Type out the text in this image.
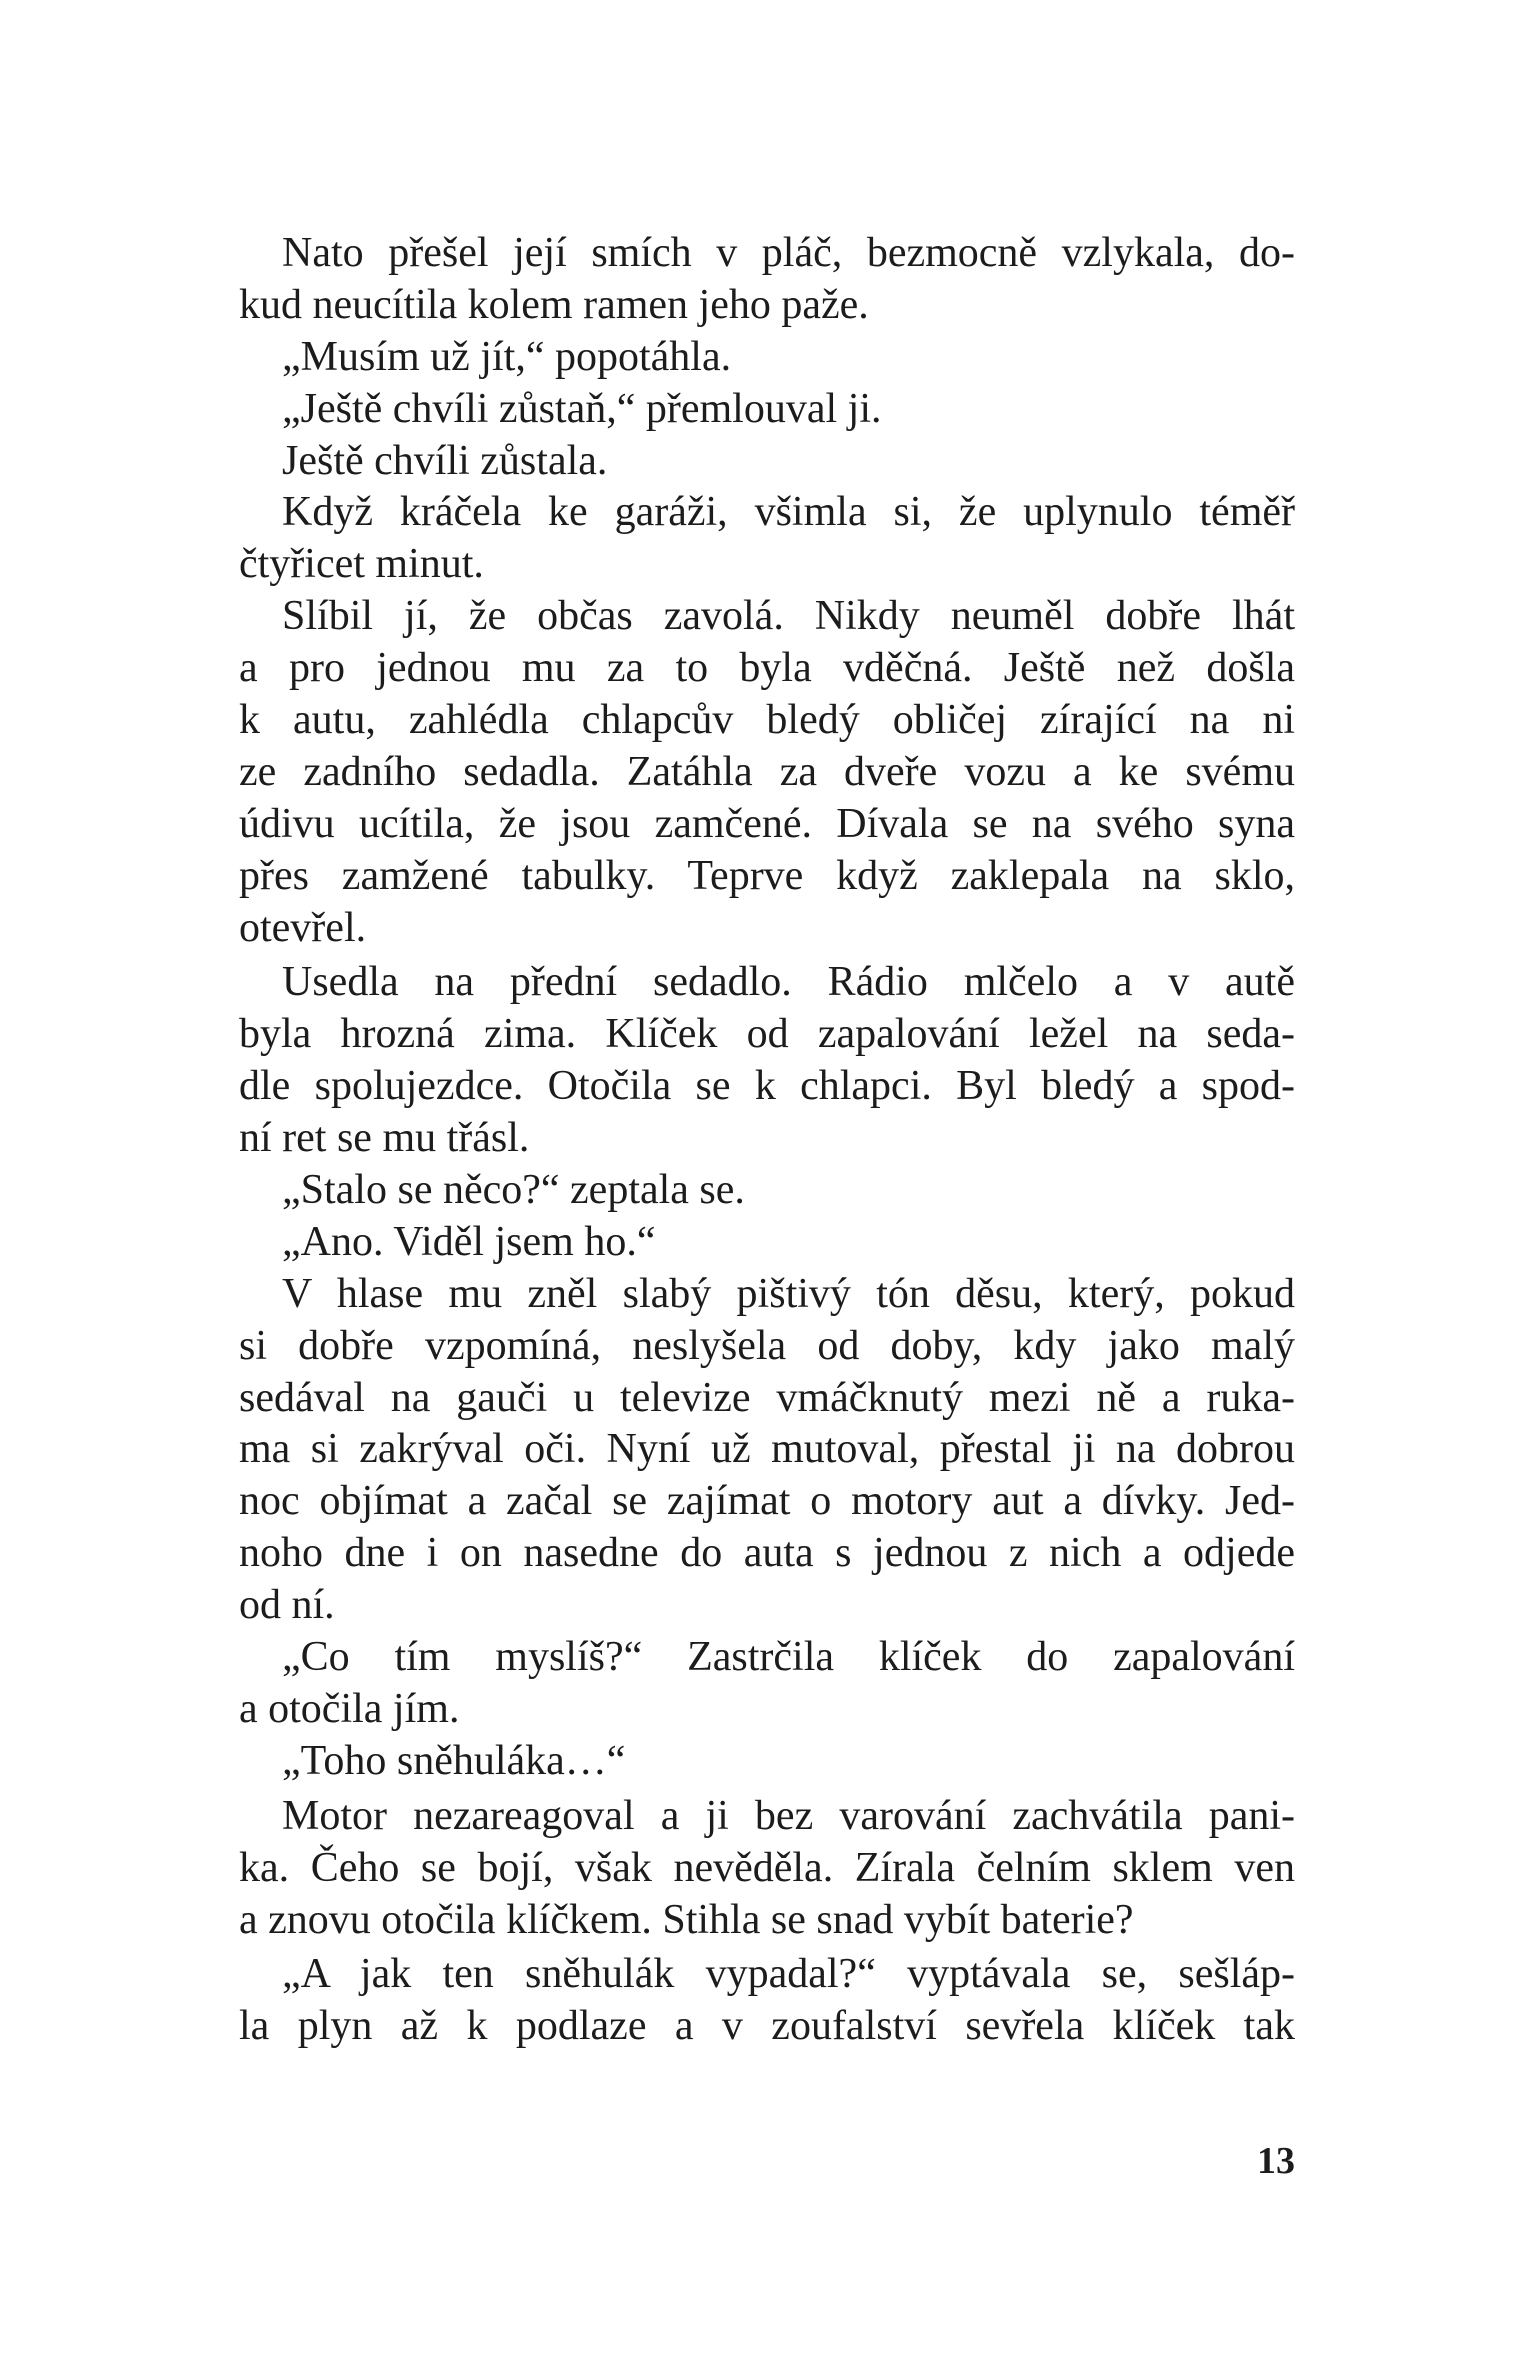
Nato přešel její smích v pláč, bezmocně vzlykala, do-
kud neucítila kolem ramen jeho paže.
„Musím už jít,“ popotáhla.
„Ještě chvíli zůstaň,“ přemlouval ji.
Ještě chvíli zůstala.
Když kráčela ke garáži, všimla si, že uplynulo téměř
čtyřicet minut.
Slíbil jí, že občas zavolá. Nikdy neuměl dobře lhát
a pro jednou mu za to byla vděčná. Ještě než došla
k autu, zahlédla chlapcův bledý obličej zírající na ni
ze zadního sedadla. Zatáhla za dveře vozu a ke svému
údivu ucítila, že jsou zamčené. Dívala se na svého syna
přes zamžené tabulky. Teprve když zaklepala na sklo,
otevřel.
Usedla na přední sedadlo. Rádio mlčelo a v autě
byla hrozná zima. Klíček od zapalování ležel na seda-
dle spolujezdce. Otočila se k chlapci. Byl bledý a spod-
ní ret se mu třásl.
„Stalo se něco?“ zeptala se.
„Ano. Viděl jsem ho.“
V hlase mu zněl slabý pištivý tón děsu, který, pokud
si dobře vzpomíná, neslyšela od doby, kdy jako malý
sedával na gauči u televize vmáčknutý mezi ně a ruka-
ma si zakrýval oči. Nyní už mutoval, přestal ji na dobrou
noc objímat a začal se zajímat o motory aut a dívky. Jed-
noho dne i on nasedne do auta s jednou z nich a odjede
od ní.
„Co tím myslíš?“ Zastrčila klíček do zapalování
a otočila jím.
„Toho sněhuláka…“
Motor nezareagoval a ji bez varování zachvátila pani-
ka. Čeho se bojí, však nevěděla. Zírala čelním sklem ven
a znovu otočila klíčkem. Stihla se snad vybít baterie?
„A jak ten sněhulák vypadal?“ vyptávala se, sešláp-
la plyn až k podlaze a v zoufalství sevřela klíček tak
13
